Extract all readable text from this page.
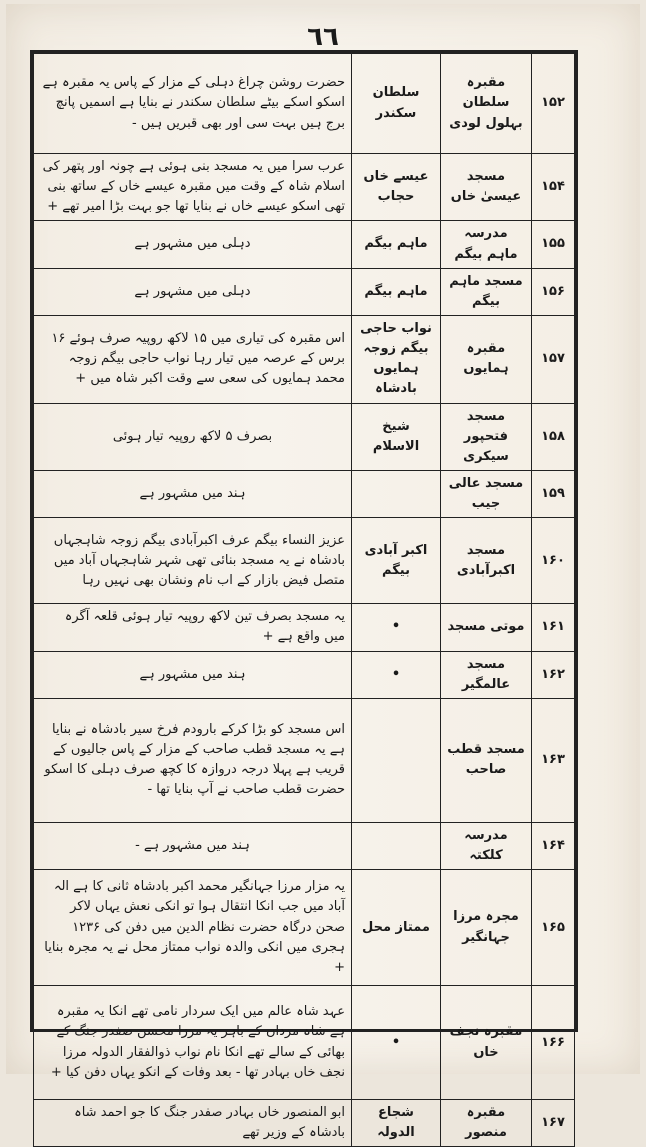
٦٦
۱۵۲	مقبرہ سلطان بہلول لودی	سلطان سکندر	حضرت روشن چراغ دہلی کے مزار کے پاس یہ مقبرہ ہے اسکو اسکے بیٹے سلطان سکندر نے بنایا ہے اسمیں پانچ برج ہیں بہت سی اور بھی قبریں ہیں -
۱۵۴	مسجد عیسیٰ خاں	عیسے خاں حجاب	عرب سرا میں یہ مسجد بنی ہوئی ہے چونہ اور پتھر کی اسلام شاہ کے وقت میں مقبرہ عیسے خاں کے ساتھ بنی تھی اسکو عیسے خاں نے بنایا تھا جو بہت بڑا امیر تھے +
۱۵۵	مدرسہ ماہم بیگم	ماہم بیگم	دہلی میں مشہور ہے
۱۵۶	مسجد ماہم بیگم	ماہم بیگم	دہلی میں مشہور ہے
۱۵۷	مقبرہ ہمایوں	نواب حاجی بیگم زوجہ ہمایوں بادشاہ	اس مقبرہ کی تیاری میں ۱۵ لاکھ روپیہ صرف ہوئے ۱۶ برس کے عرصہ میں تیار رہا نواب حاجی بیگم زوجہ محمد ہمایوں کی سعی سے وقت اکبر شاہ میں +
۱۵۸	مسجد فتحپور سیکری	شیخ الاسلام	بصرف ۵ لاکھ روپیہ تیار ہوئی
۱۵۹	مسجد عالی جیب		ہند میں مشہور ہے
۱۶۰	مسجد اکبرآبادی	اکبر آبادی بیگم	عزیز النساء بیگم عرف اکبرآبادی بیگم زوجہ شاہجہاں بادشاہ نے یہ مسجد بنائی تھی شہر شاہجہاں آباد میں متصل فیض بازار کے اب نام ونشان بھی نہیں رہا
۱۶۱	موتی مسجد	•	یہ مسجد بصرف تین لاکھ روپیہ تیار ہوئی قلعہ آگرہ میں واقع ہے +
۱۶۲	مسجد عالمگیر	•	ہند میں مشہور ہے
۱۶۳	مسجد قطب صاحب		اس مسجد کو بڑا کرکے بارودم فرخ سیر بادشاہ نے بنایا ہے یہ مسجد قطب صاحب کے مزار کے پاس جالیوں کے قریب ہے پہلا درجہ دروازہ کا کچھ صرف دہلی کا اسکو حضرت قطب صاحب نے آپ بنایا تھا -
۱۶۴	مدرسہ کلکتہ		ہند میں مشہور ہے -
۱۶۵	مجرہ مرزا جہانگیر	ممتاز محل	یہ مزار مرزا جہانگیر محمد اکبر بادشاہ ثانی کا ہے الہ آباد میں جب انکا انتقال ہوا تو انکی نعش یہاں لاکر صحن درگاہ حضرت نظام الدین میں دفن کی ۱۲۳۶ ہجری میں انکی والدہ نواب ممتاز محل نے یہ مجرہ بنایا +
۱۶۶	مقبرہ نجف خاں	•	عہد شاہ عالم میں ایک سردار نامی تھے انکا یہ مقبرہ ہے شاہ مرداں کے باہر یہ مرزا محسن صفدر جنگ کے بھائی کے سالے تھے انکا نام نواب ذوالفقار الدولہ مرزا نجف خاں بہادر تھا - بعد وفات کے انکو یہاں دفن کیا +
۱۶۷	مقبرہ منصور	شجاع الدولہ	ابو المنصور خاں بہادر صفدر جنگ کا جو احمد شاہ بادشاہ کے وزیر تھے
